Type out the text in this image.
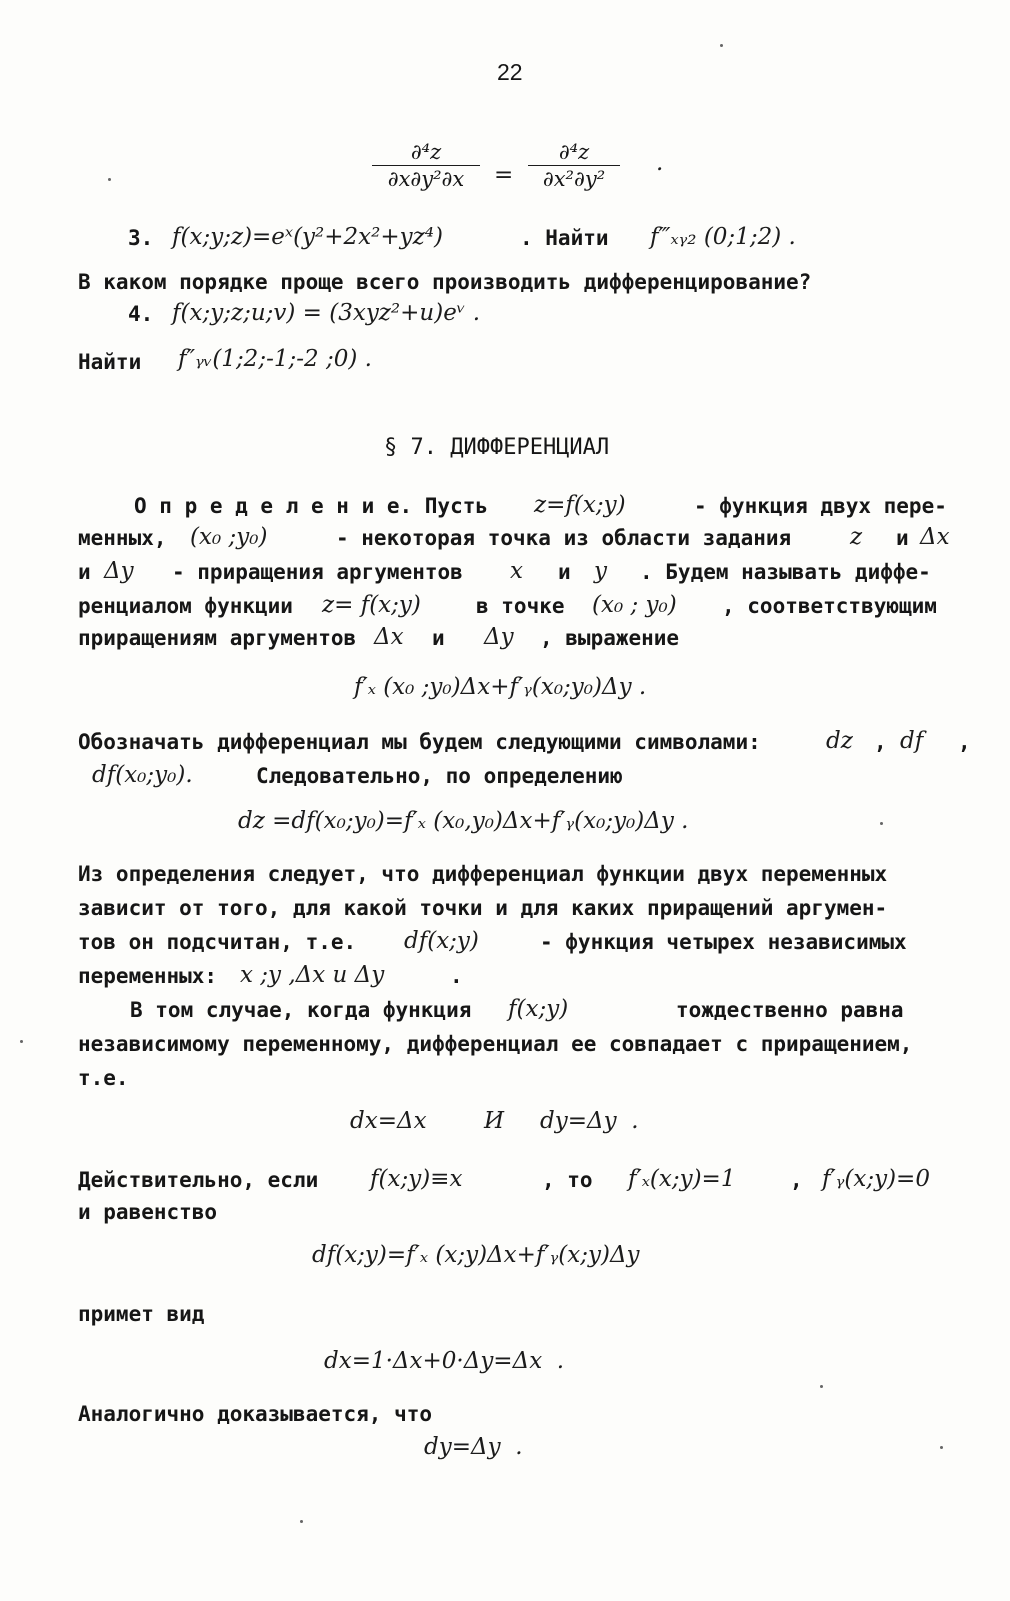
22
∂⁴z
∂x∂y²∂x	=
∂⁴z
∂x²∂y²
.
3. f(x;y;z)=eˣ(y²+2x²+yz⁴)	. Найти f‴ₓᵧ₂ (0;1;2) .
В каком порядке проще всего производить дифференцирование?
4. f(x;y;z;u;v) = (3xyz²+u)eᵛ .
Найти f″ᵧᵥ(1;2;-1;-2 ;0) .
§ 7. ДИФФЕРЕНЦИАЛ
О п р е д е л е н и е. Пусть z=f(x;y)	- функция двух пере-
менных, (x₀ ;y₀)	- некоторая точка из области задания	z и Δx
и Δy - приращения аргументов x и y . Будем называть диффе-
ренциалом функции z= f(x;y)	в точке (x₀ ; y₀) , соответствующим
приращениям аргументов Δx и Δy , выражение
f′ₓ (x₀ ;y₀)Δx+f′ᵧ(x₀;y₀)Δy .
Обозначать дифференциал мы будем следующими символами:	dz , df ,
df(x₀;y₀).	Следовательно, по определению
dz =df(x₀;y₀)=f′ₓ (x₀,y₀)Δx+f′ᵧ(x₀;y₀)Δy .
Из определения следует, что дифференциал функции двух переменных
зависит от того, для какой точки и для каких приращений аргумен-
тов он подсчитан, т.е. df(x;y)	- функция четырех независимых
переменных: x ;y ,Δx и Δy	.
В том случае, когда функция f(x;y)	тождественно равна
независимому переменному, дифференциал ее совпадает с приращением,
т.е.
dx=Δx И dy=Δy  .
Действительно, если f(x;y)≡x	, то f′ₓ(x;y)=1	, f′ᵧ(x;y)=0
и равенство
df(x;y)=f′ₓ (x;y)Δx+f′ᵧ(x;y)Δy
примет вид
dx=1·Δx+0·Δy=Δx  .
Аналогично доказывается, что
dy=Δy  .
